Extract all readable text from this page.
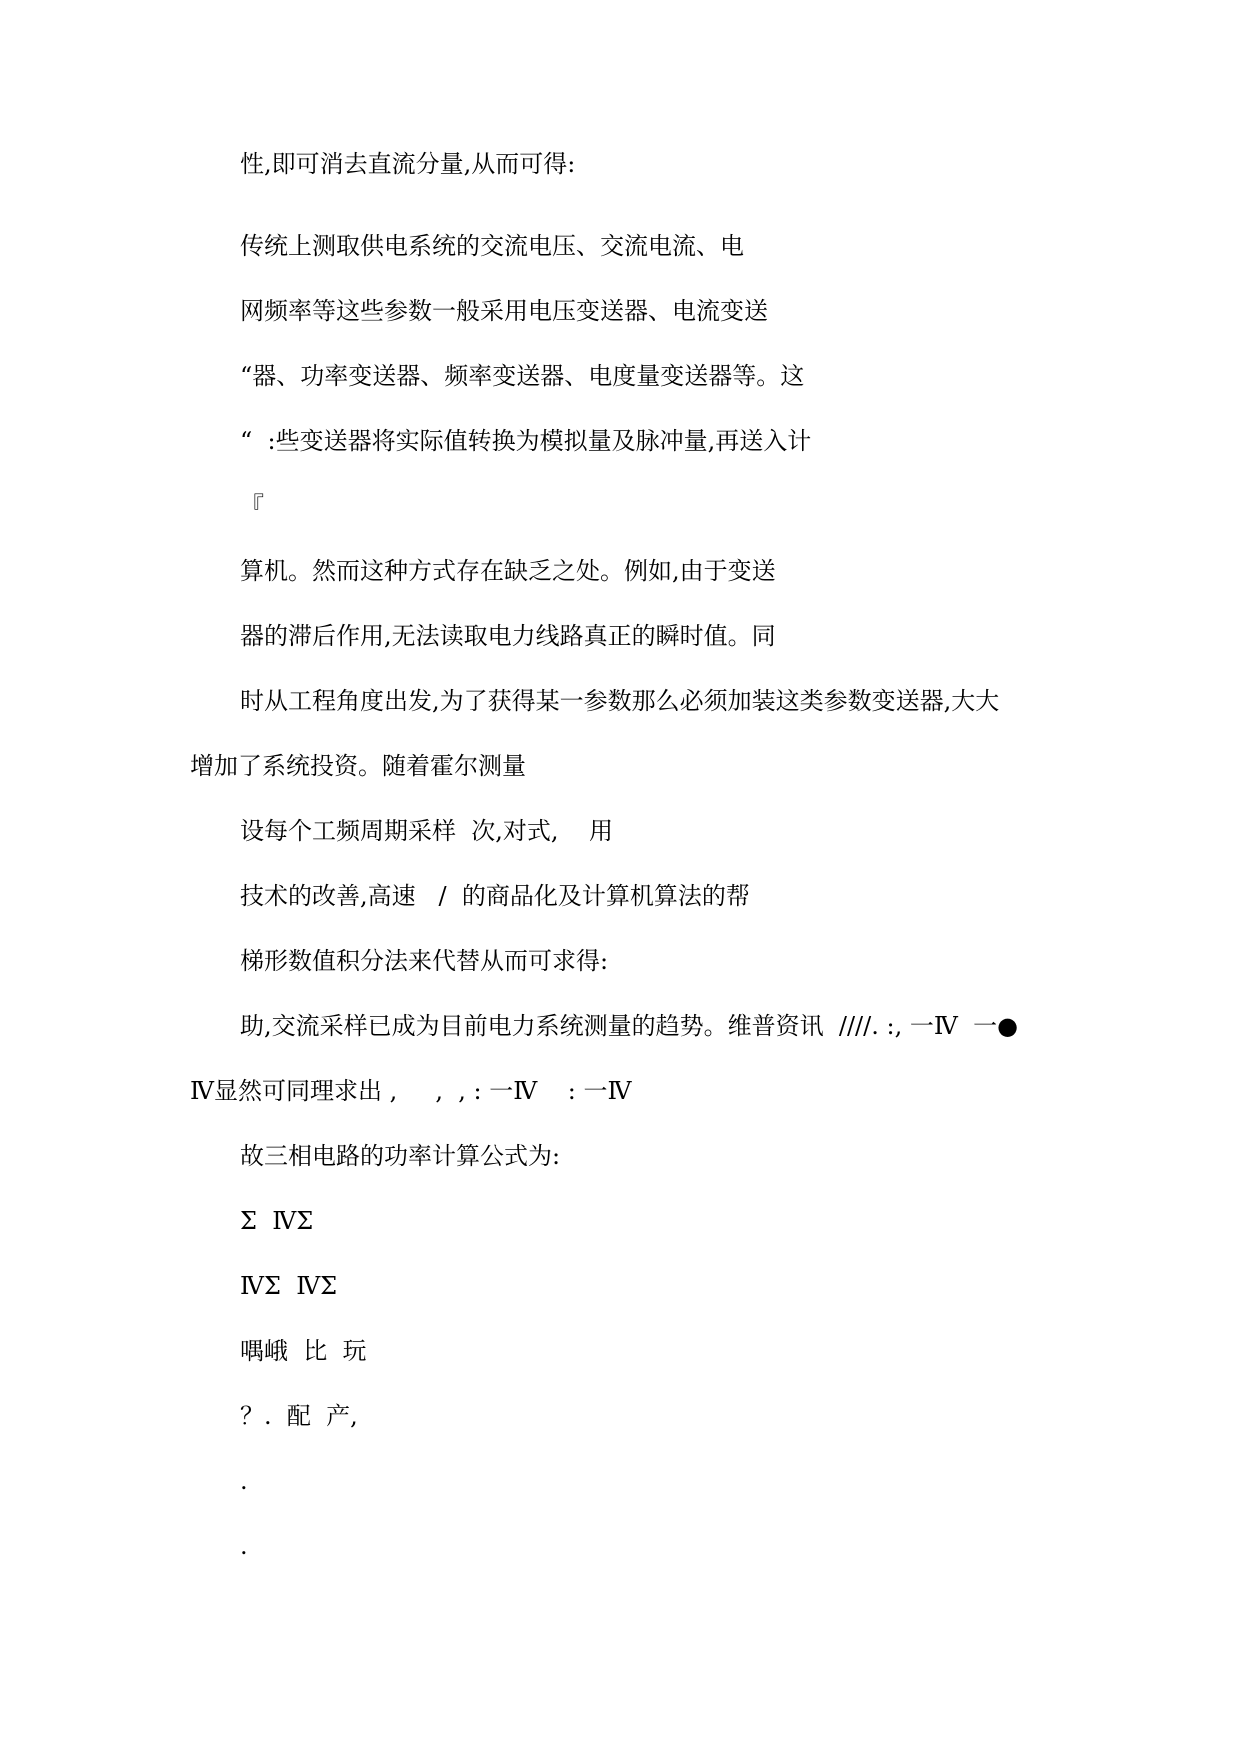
性,即可消去直流分量,从而可得:
传统上测取供电系统的交流电压、交流电流、电
网频率等这些参数一般采用电压变送器、电流变送
“器、功率变送器、频率变送器、电度量变送器等。这
“  :些变送器将实际值转换为模拟量及脉冲量,再送入计
『
算机。然而这种方式存在缺乏之处。例如,由于变送
器的滞后作用,无法读取电力线路真正的瞬时值。同
时从工程角度出发,为了获得某一参数那么必须加装这类参数变送器,大大
增加了系统投资。随着霍尔测量
设每个工频周期采样  次,对式,    用
技术的改善,高速   /  的商品化及计算机算法的帮
梯形数值积分法来代替从而可求得:
助,交流采样已成为目前电力系统测量的趋势。维普资讯  ////. :, 一Ⅳ  一●
Ⅳ显然可同理求出 ,     ,  , : 一Ⅳ    : 一Ⅳ
故三相电路的功率计算公式为:
Σ  ⅣΣ
ⅣΣ  ⅣΣ
喁峨  比  玩
？.  配  产,
.
.
